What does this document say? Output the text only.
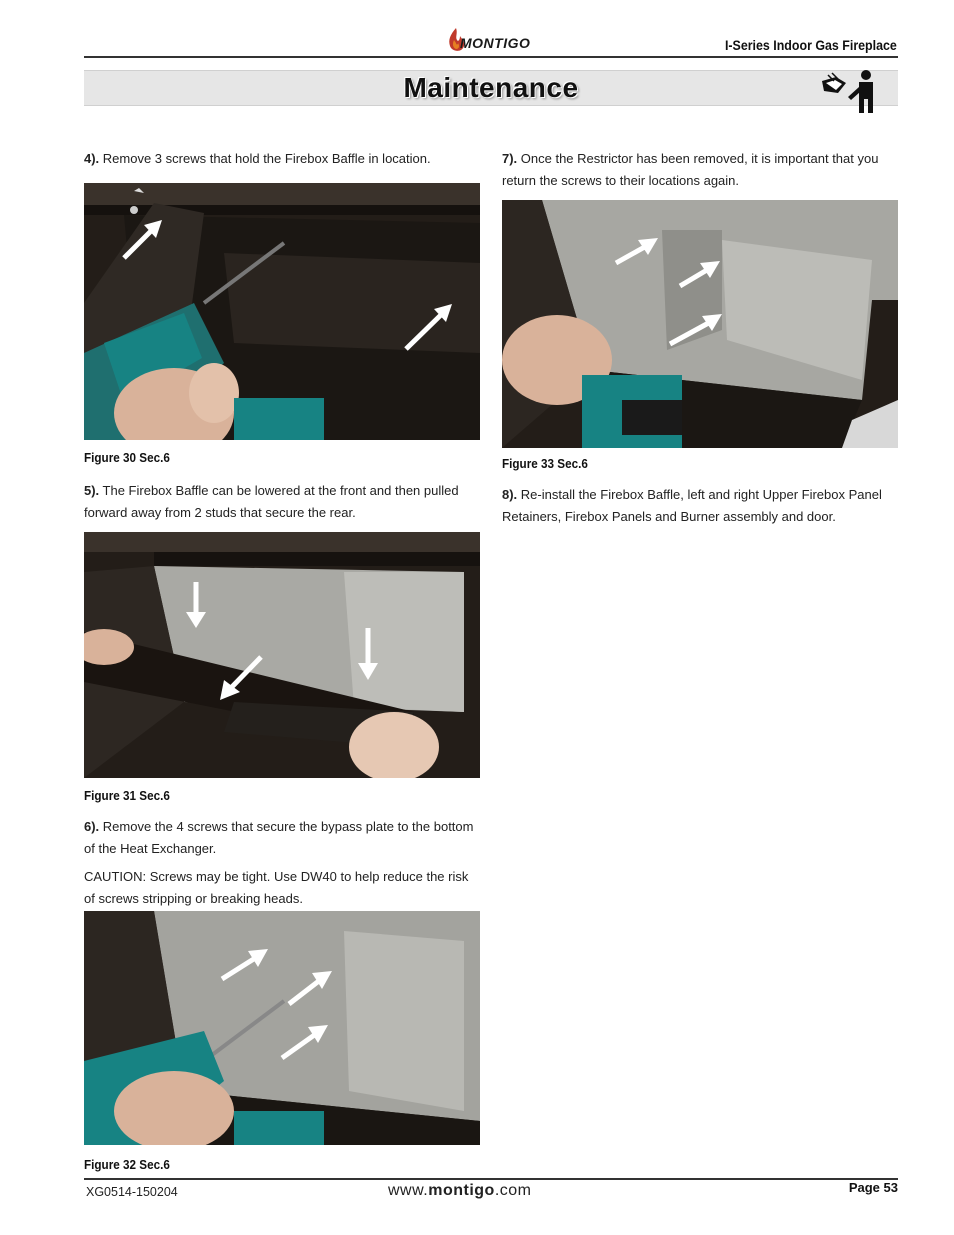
MONTIGO	I-Series Indoor Gas Fireplace
Maintenance
4). Remove 3 screws that hold the Firebox Baffle in location.
Figure 30 Sec.6
5). The Firebox Baffle can be lowered at the front and then pulled forward away from 2 studs that secure the rear.
Figure 31 Sec.6
6). Remove the 4 screws that secure the bypass plate to the bottom of the Heat Exchanger.
CAUTION: Screws may be tight. Use DW40 to help reduce the risk of screws stripping or breaking heads.
Figure 32 Sec.6
7). Once the Restrictor has been removed, it is important that you return the screws to their locations again.
Figure 33 Sec.6
8). Re-install the Firebox Baffle, left and right Upper Firebox Panel Retainers, Firebox Panels and Burner assembly and door.
XG0514-150204	www.montigo.com	Page 53
